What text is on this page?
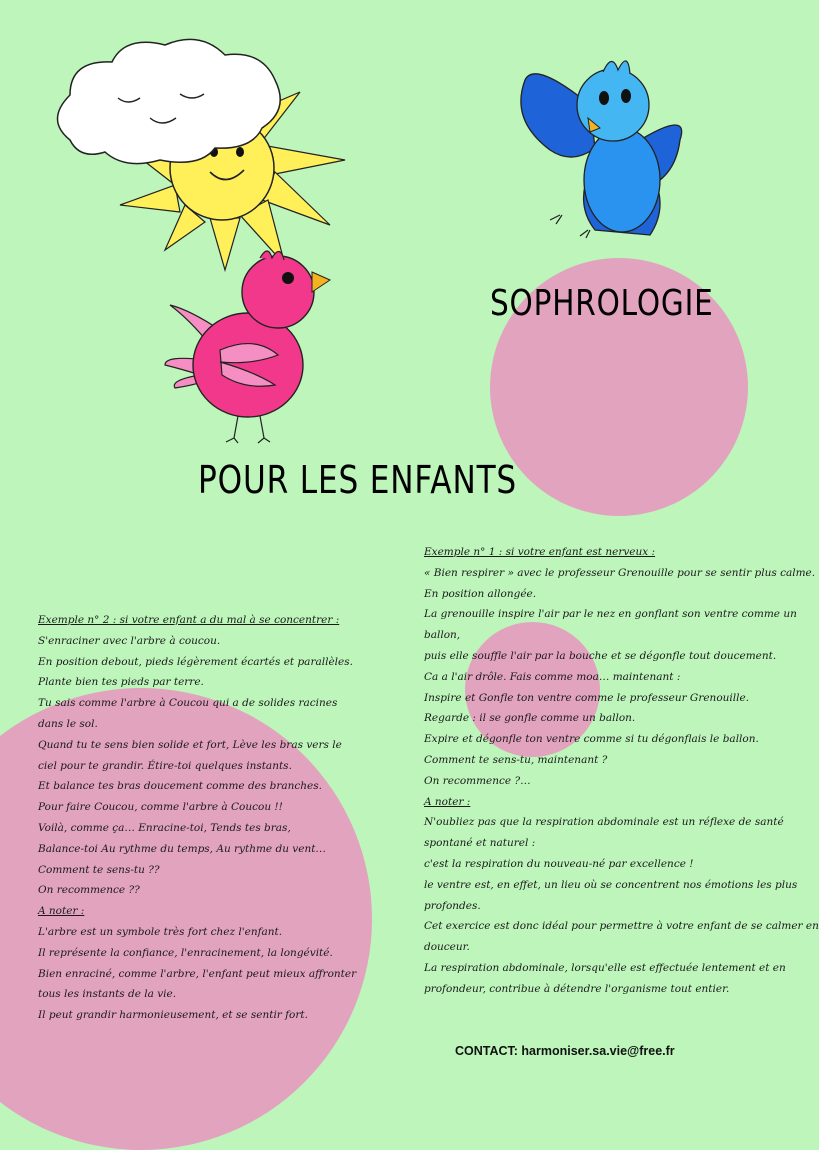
SOPHROLOGIE
POUR LES ENFANTS

Exemple n° 2 : si votre enfant a du mal à se concentrer :

S'enraciner avec l'arbre à coucou.

En position debout, pieds légèrement écartés et parallèles.

Plante bien tes pieds par terre.

Tu sais comme l'arbre à Coucou qui a de solides racines

dans le sol.

Quand tu te sens bien solide et fort, Lève les bras vers le

ciel pour te grandir. Étire-toi quelques instants.

Et balance tes bras doucement comme des branches.

Pour faire Coucou, comme l'arbre à Coucou !!

Voilà, comme ça… Enracine-toi, Tends tes bras,

Balance-toi Au rythme du temps, Au rythme du vent…

Comment te sens-tu ??

On recommence ??

A noter :

L'arbre est un symbole très fort chez l'enfant.

Il représente la confiance, l'enracinement, la longévité.

Bien enraciné, comme l'arbre, l'enfant peut mieux affronter

tous les instants de la vie.

Il peut grandir harmonieusement, et se sentir fort.

Exemple n° 1 : si votre enfant est nerveux :

« Bien respirer » avec le professeur Grenouille pour se sentir plus calme.

En position allongée.

La grenouille inspire l'air par le nez en gonflant son ventre comme un

ballon,

puis elle souffle l'air par la bouche et se dégonfle tout doucement.

Ca a l'air drôle. Fais comme moa… maintenant :

Inspire et Gonfle ton ventre comme le professeur Grenouille.

Regarde : il se gonfle comme un ballon.

Expire et dégonfle ton ventre comme si tu dégonflais le ballon.

Comment te sens-tu, maintenant ?

On recommence ?…

A noter :

N'oubliez pas que la respiration abdominale est un réflexe de santé

spontané et naturel :

c'est la respiration du nouveau-né par excellence !

le ventre est, en effet, un lieu où se concentrent nos émotions les plus

profondes.

Cet exercice est donc idéal pour permettre à votre enfant de se calmer en

douceur.

La respiration abdominale, lorsqu'elle est effectuée lentement et en

profondeur, contribue à détendre l'organisme tout entier.

CONTACT: harmoniser.sa.vie@free.fr
